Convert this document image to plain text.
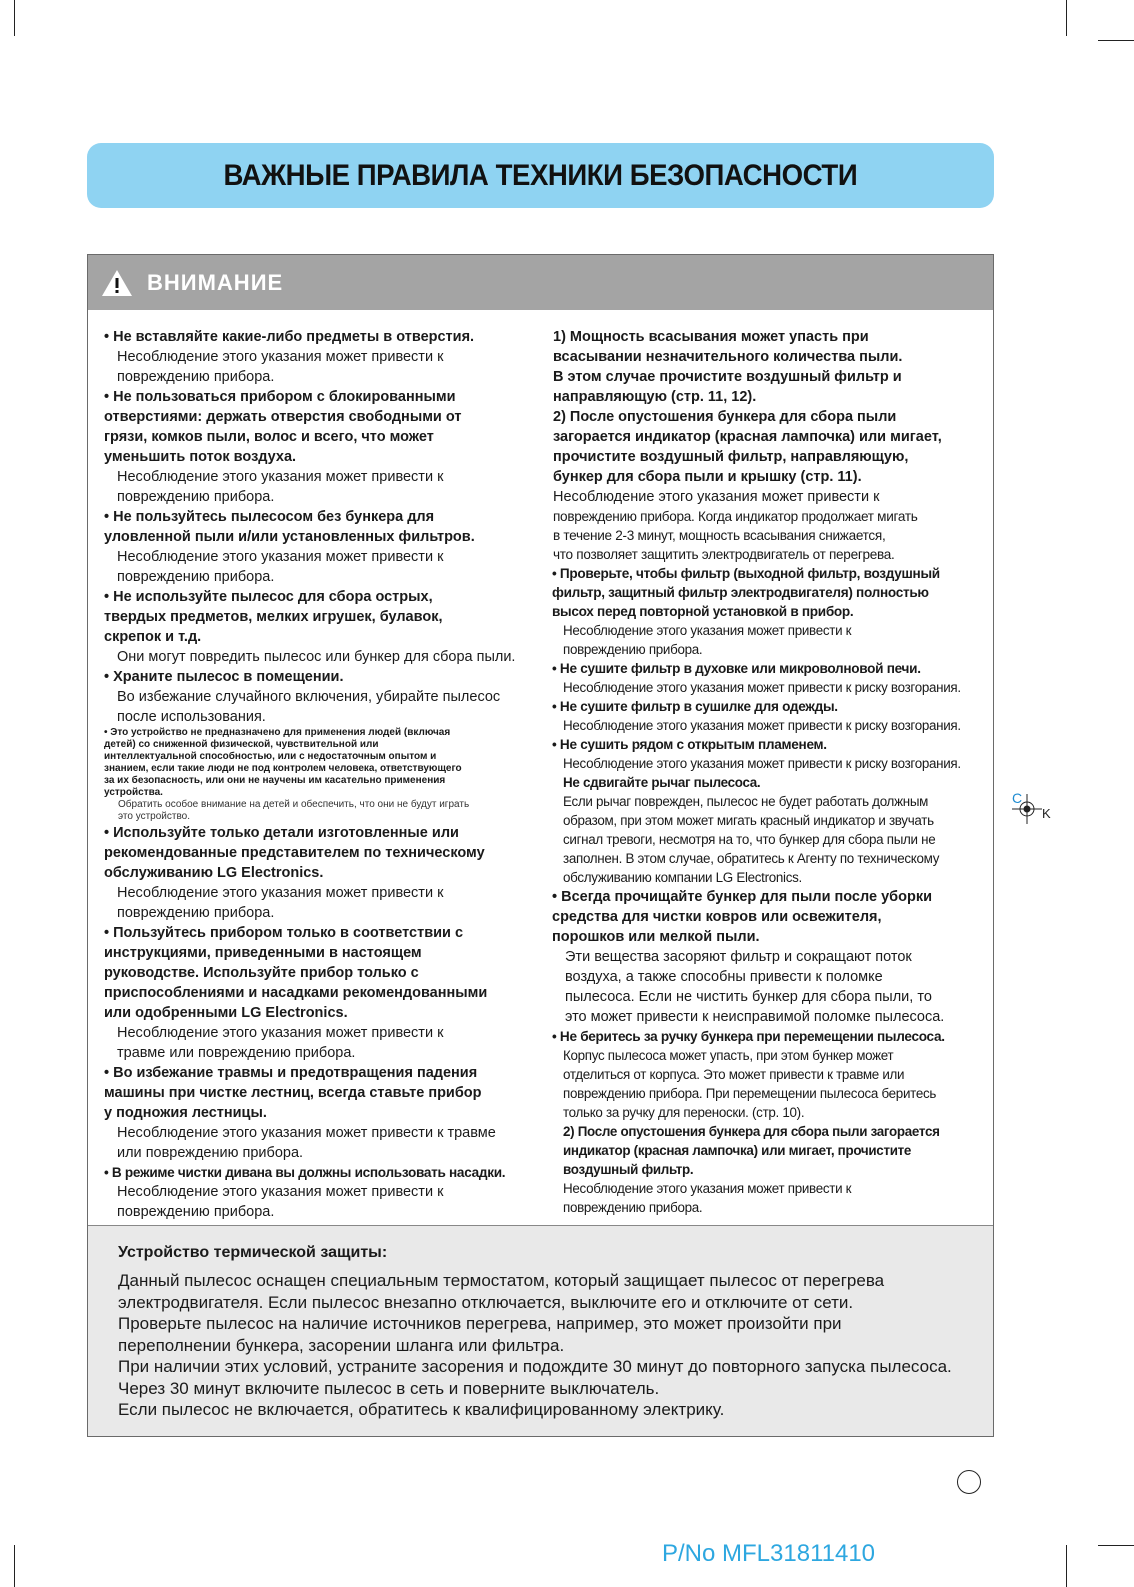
ВАЖНЫЕ ПРАВИЛА ТЕХНИКИ БЕЗОПАСНОСТИ
ВНИМАНИЕ
• Не вставляйте какие-либо предметы в отверстия.
Несоблюдение этого указания может привести к
повреждению прибора.
• Не пользоваться прибором с блокированными
отверстиями: держать отверстия свободными от
грязи, комков пыли, волос и всего, что может
уменьшить поток воздуха.
Несоблюдение этого указания может привести к
повреждению прибора.
• Не пользуйтесь пылесосом без бункера для
уловленной пыли и/или установленных фильтров.
Несоблюдение этого указания может привести к
повреждению прибора.
• Не используйте пылесос для сбора острых,
твердых предметов, мелких игрушек, булавок,
скрепок и т.д.
Они могут повредить пылесос или бункер для сбора пыли.
• Храните пылесос в помещении.
Во избежание случайного включения, убирайте пылесос
после использования.
• Это устройство не предназначено для применения людей (включая
детей) со сниженной физической, чувствительной или
интеллектуальной способностью, или с недостаточным опытом и
знанием, если такие люди не под контролем человека, ответствующего
за их безопасность, или они не научены им касательно применения
устройства.
Обратить особое внимание на детей и обеспечить, что они не будут играть
это устройство.
• Используйте только детали изготовленные или
рекомендованные представителем по техническому
обслуживанию LG Electronics.
Несоблюдение этого указания может привести к
повреждению прибора.
• Пользуйтесь прибором только в соответствии с
инструкциями, приведенными в настоящем
руководстве. Используйте прибор только с
приспособлениями и насадками рекомендованными
или одобренными LG Electronics.
Несоблюдение этого указания может привести к
травме или повреждению прибора.
• Во избежание травмы и предотвращения падения
машины при чистке лестниц, всегда ставьте прибор
у подножия лестницы.
Несоблюдение этого указания может привести к травме
или повреждению прибора.
• В режиме чистки дивана вы должны использовать насадки.
Несоблюдение этого указания может привести к
повреждению прибора.
1) Мощность всасывания может упасть при
всасывании незначительного количества пыли.
В этом случае прочистите воздушный фильтр и
направляющую (стр. 11, 12).
2) После опустошения бункера для сбора пыли
загорается индикатор (красная лампочка) или мигает,
прочистите воздушный фильтр, направляющую,
бункер для сбора пыли и крышку (стр. 11).
Несоблюдение этого указания может привести к
повреждению прибора. Когда индикатор продолжает мигать
в течение 2-3 минут, мощность всасывания снижается,
что позволяет защитить электродвигатель от перегрева.
• Проверьте, чтобы фильтр (выходной фильтр, воздушный
фильтр, защитный фильтр электродвигателя) полностью
высох перед повторной установкой в прибор.
Несоблюдение этого указания может привести к
повреждению прибора.
• Не сушите фильтр в духовке или микроволновой печи.
Несоблюдение этого указания может привести к риску возгорания.
• Не сушите фильтр в сушилке для одежды.
Несоблюдение этого указания может привести к риску возгорания.
• Не сушить рядом с открытым пламенем.
Несоблюдение этого указания может привести к риску возгорания.
Не сдвигайте рычаг пылесоса.
Если рычаг поврежден, пылесос не будет работать должным
образом, при этом может мигать красный индикатор и звучать
сигнал тревоги, несмотря на то, что бункер для сбора пыли не
заполнен. В этом случае, обратитесь к Агенту по техническому
обслуживанию компании LG Electronics.
• Всегда прочищайте бункер для пыли после уборки
средства для чистки ковров или освежителя,
порошков или мелкой пыли.
Эти вещества засоряют фильтр и сокращают поток
воздуха, а также способны привести к поломке
пылесоса. Если не чистить бункер для сбора пыли, то
это может привести к неисправимой поломке пылесоса.
• Не беритесь за ручку бункера при перемещении пылесоса.
Корпус пылесоса может упасть, при этом бункер может
отделиться от корпуса. Это может привести к травме или
повреждению прибора. При перемещении пылесоса беритесь
только за ручку для переноски. (стр. 10).
2) После опустошения бункера для сбора пыли загорается
индикатор (красная лампочка) или мигает, прочистите
воздушный фильтр.
Несоблюдение этого указания может привести к
повреждению прибора.
Устройство термической защиты:
Данный пылесос оснащен специальным термостатом, который защищает пылесос от перегрева
электродвигателя. Если пылесос внезапно отключается, выключите его и отключите от сети.
Проверьте пылесос на наличие источников перегрева, например, это может произойти при
переполнении бункера, засорении шланга или фильтра.
При наличии этих условий, устраните засорения и подождите 30 минут до повторного запуска пылесоса.
Через 30 минут включите пылесос в сеть и поверните выключатель.
Если пылесос не включается, обратитесь к квалифицированному электрику.
C
K
P/No MFL31811410
